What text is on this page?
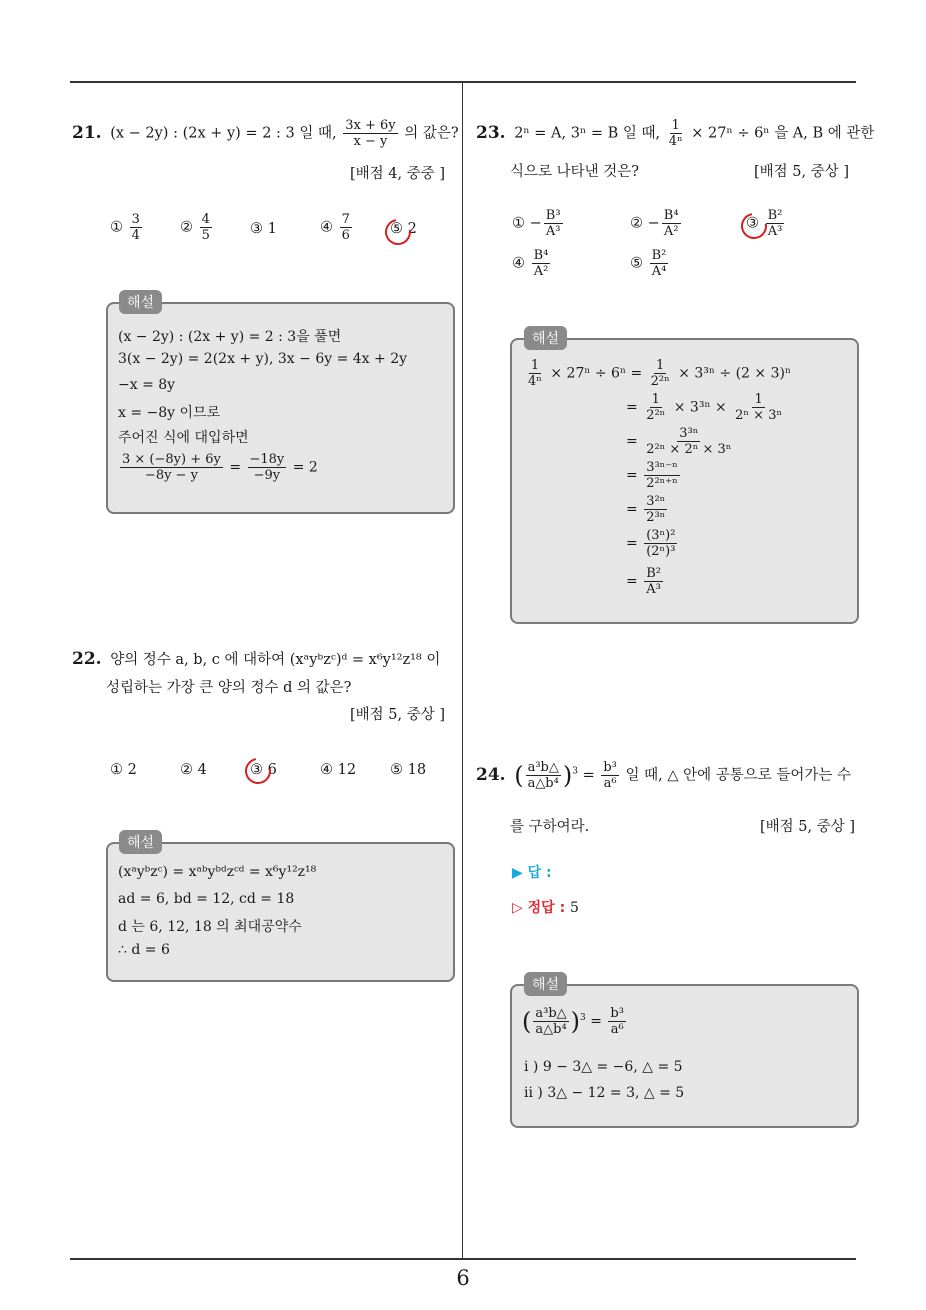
6
21. (x − 2y) : (2x + y) = 2 : 3 일 때, $\frac{3x + 6y}{x - y}$ 의 값은?
[배점 4, 중중 ]
① $\frac{3}{4}$	② $\frac{4}{5}$	③ 1	④ $\frac{7}{6}$	⑤ 2
해설
(x − 2y) : (2x + y) = 2 : 3을 풀면
3(x − 2y) = 2(2x + y), 3x − 6y = 4x + 2y
−x = 8y
x = −8y 이므로
주어진 식에 대입하면
$\frac{3 \times (-8y) + 6y}{-8y - y} = \frac{-18y}{-9y} = 2$
22. 양의 정수 a, b, c 에 대하여 (xᵃyᵇzᶜ)ᵈ = x⁶y¹²z¹⁸ 이
성립하는 가장 큰 양의 정수 d 의 값은?
[배점 5, 중상 ]
① 2	② 4	③ 6	④ 12 ⑤ 18
해설
(xᵃyᵇzᶜ) = xᵃᵇyᵇᵈzᶜᵈ = x⁶y¹²z¹⁸
ad = 6, bd = 12, cd = 18
d 는 6, 12, 18 의 최대공약수
∴ d = 6
23. 2ⁿ = A, 3ⁿ = B 일 때, $\frac{1}{\text{4ⁿ}} \times 27^n \div 6^n$ 을 A, B 에 관한
식으로 나타낸 것은?	[배점 5, 중상 ]
① − $\frac{\text{B³}}{\text{A³}}$	② − $\frac{\text{B⁴}}{\text{A²}}$	③ $\frac{\text{B²}}{\text{A³}}$
④ $\frac{\text{B⁴}}{\text{A²}}$	⑤ $\frac{\text{B²}}{\text{A⁴}}$
해설
$\frac{1}{\text{4ⁿ}} \times 27^n \div 6^n = \frac{1}{\text{2²ⁿ}} \times 3^{3n} \div (2 \times 3)^n$
= $\frac{1}{\text{2²ⁿ}} \times 3^{3n} \times \frac{1}{\text{2ⁿ × 3ⁿ}}$
= $\frac{\text{3³ⁿ}}{\text{2²ⁿ × 2ⁿ × 3ⁿ}}$
= $\frac{\text{3³ⁿ⁻ⁿ}}{\text{2²ⁿ⁺ⁿ}}$
= $\frac{\text{3²ⁿ}}{\text{2³ⁿ}}$
= $\frac{\text{(3ⁿ)²}}{\text{(2ⁿ)³}}$
= $\frac{\text{B²}}{\text{A³}}$
24. ( $\frac{\text{a³b△}}{\text{a△b⁴}} )^3 = \frac{\text{b³}}{\text{a⁶}}$ 일 때, △ 안에 공통으로 들어가는 수
를 구하여라.	[배점 5, 중상 ]
▶ 답 :
▷ 정답 : 5
해설
( $\frac{\text{a³b△}}{\text{a△b⁴}} )^3 = \frac{\text{b³}}{\text{a⁶}}$
i ) 9 − 3△ = −6, △ = 5
ii ) 3△ − 12 = 3, △ = 5
